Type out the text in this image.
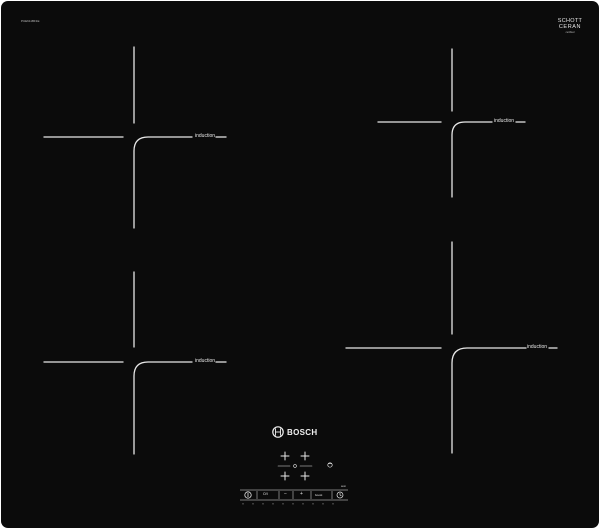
PUE611BF1E	SCHOTT
CERAN
certified
induction
induction
induction
induction
BOSCH
O/I	−	+	boost
auto
